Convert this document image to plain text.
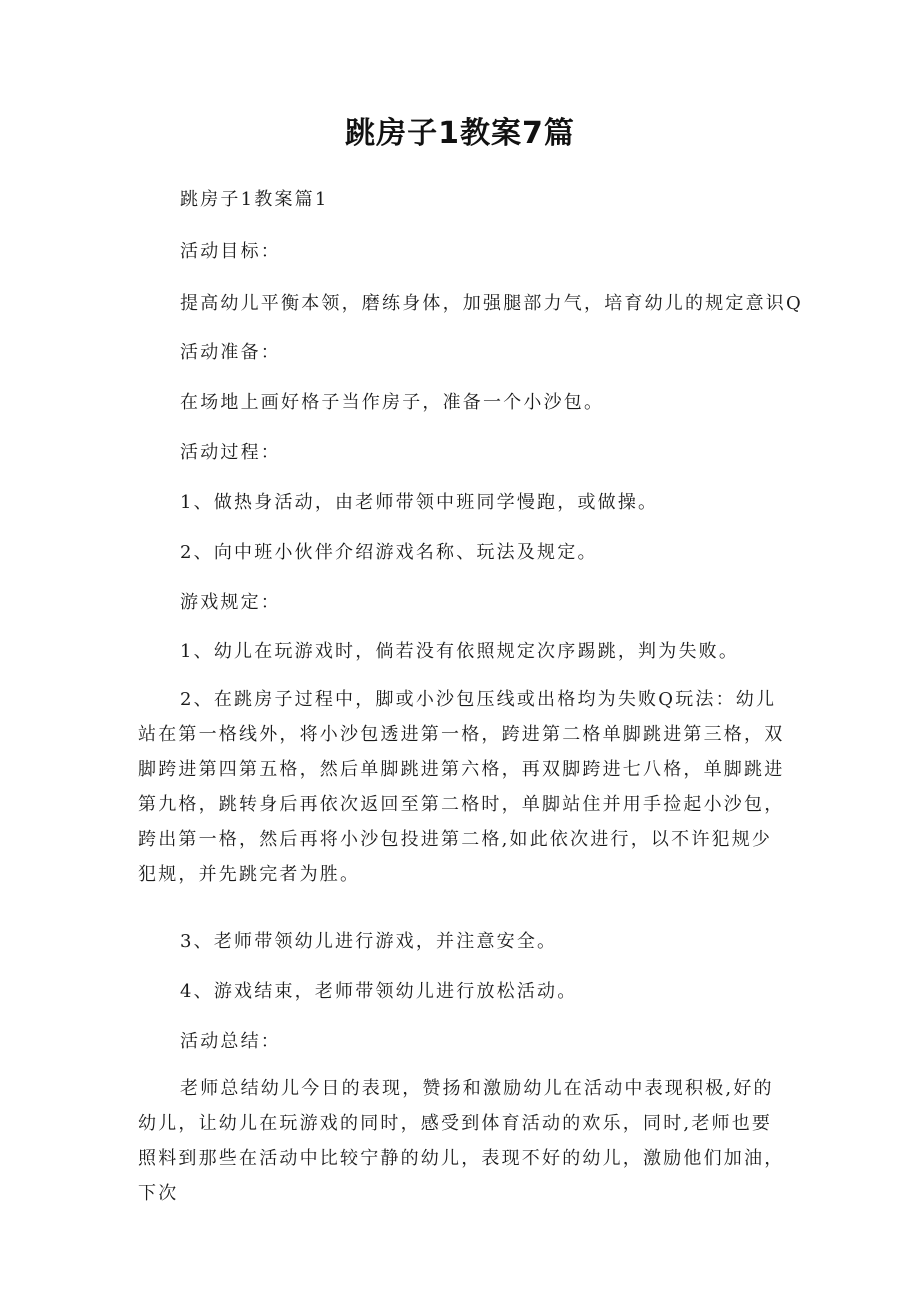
跳房子1教案7篇
跳房子1教案篇1
活动目标：
提高幼儿平衡本领，磨练身体，加强腿部力气，培育幼儿的规定意识Q
活动准备：
在场地上画好格子当作房子，准备一个小沙包。
活动过程：
1、做热身活动，由老师带领中班同学慢跑，或做操。
2、向中班小伙伴介绍游戏名称、玩法及规定。
游戏规定：
1、幼儿在玩游戏时，倘若没有依照规定次序踢跳，判为失败。
2、在跳房子过程中，脚或小沙包压线或出格均为失败Q玩法：幼儿站在第一格线外，将小沙包透进第一格，跨进第二格单脚跳进第三格，双脚跨进第四第五格，然后单脚跳进第六格，再双脚跨进七八格，单脚跳进第九格，跳转身后再依次返回至第二格时，单脚站住并用手捡起小沙包，跨出第一格，然后再将小沙包投进第二格,如此依次进行，以不许犯规少犯规，并先跳完者为胜。
3、老师带领幼儿进行游戏，并注意安全。
4、游戏结束，老师带领幼儿进行放松活动。
活动总结：
老师总结幼儿今日的表现，赞扬和激励幼儿在活动中表现积极,好的幼儿，让幼儿在玩游戏的同时，感受到体育活动的欢乐，同时,老师也要照料到那些在活动中比较宁静的幼儿，表现不好的幼儿，激励他们加油，下次
